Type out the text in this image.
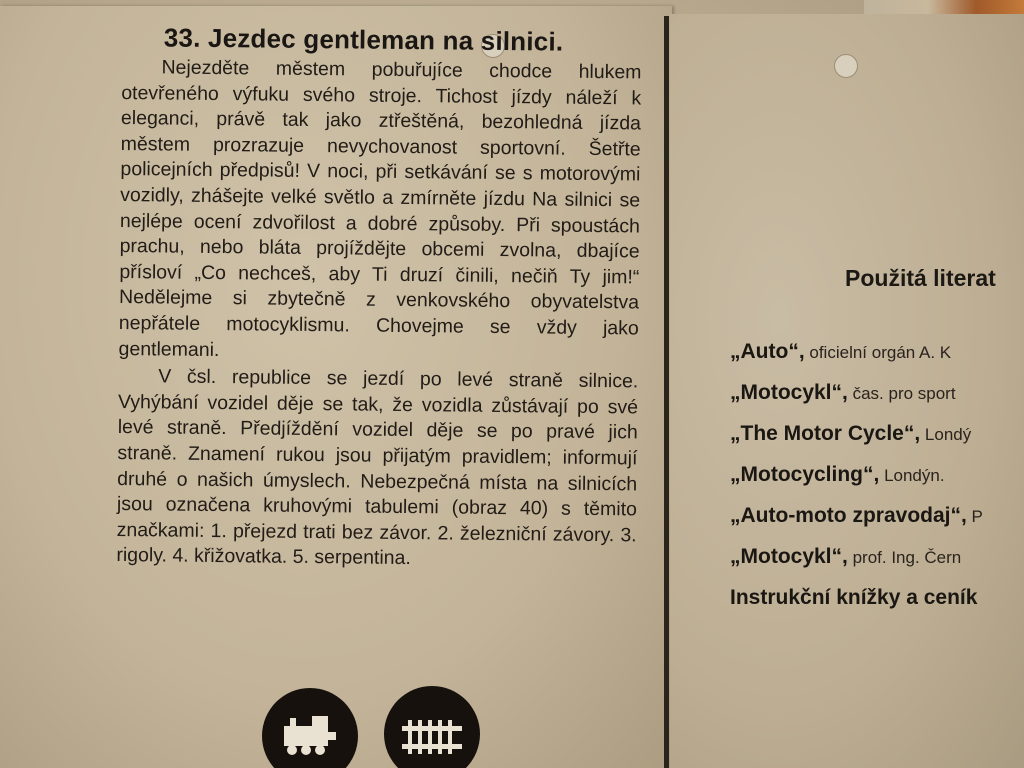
33. Jezdec gentleman na silnici.

Nejezděte městem pobuřujíce chodce hlukem otevřeného výfuku svého stroje. Tichost jízdy náleží k eleganci, právě tak jako ztřeštěná, bezohledná jízda městem prozrazuje nevychovanost sportovní. Šetřte policejních předpisů! V noci, při setkávání se s motorovými vozidly, zhášejte velké světlo a zmírněte jízdu Na silnici se nejlépe ocení zdvořilost a dobré způsoby. Při spoustách prachu, nebo bláta projíždějte obcemi zvolna, dbajíce přísloví „Co nechceš, aby Ti druzí činili, nečiň Ty jim!“ Nedělejme si zbytečně z venkovského obyvatelstva nepřátele motocyklismu. Chovejme se vždy jako gentlemani.

V čsl. republice se jezdí po levé straně silnice. Vyhýbání vozidel děje se tak, že vozidla zůstávají po své levé straně. Předjíždění vozidel děje se po pravé jich straně. Znamení rukou jsou přijatým pravidlem; informují druhé o našich úmyslech. Nebezpečná místa na silnicích jsou označena kruhovými tabulemi (obraz 40) s těmito značkami: 1. přejezd trati bez závor. 2. železniční závory. 3. rigoly. 4. křižovatka. 5. serpentina.

Použitá literat
„Auto“, oficielní orgán A. K
„Motocykl“, čas. pro sport
„The Motor Cycle“, Londý
„Motocycling“, Londýn.
„Auto-moto zpravodaj“, P
„Motocykl“, prof. Ing. Čern
Instrukční knížky a ceník
